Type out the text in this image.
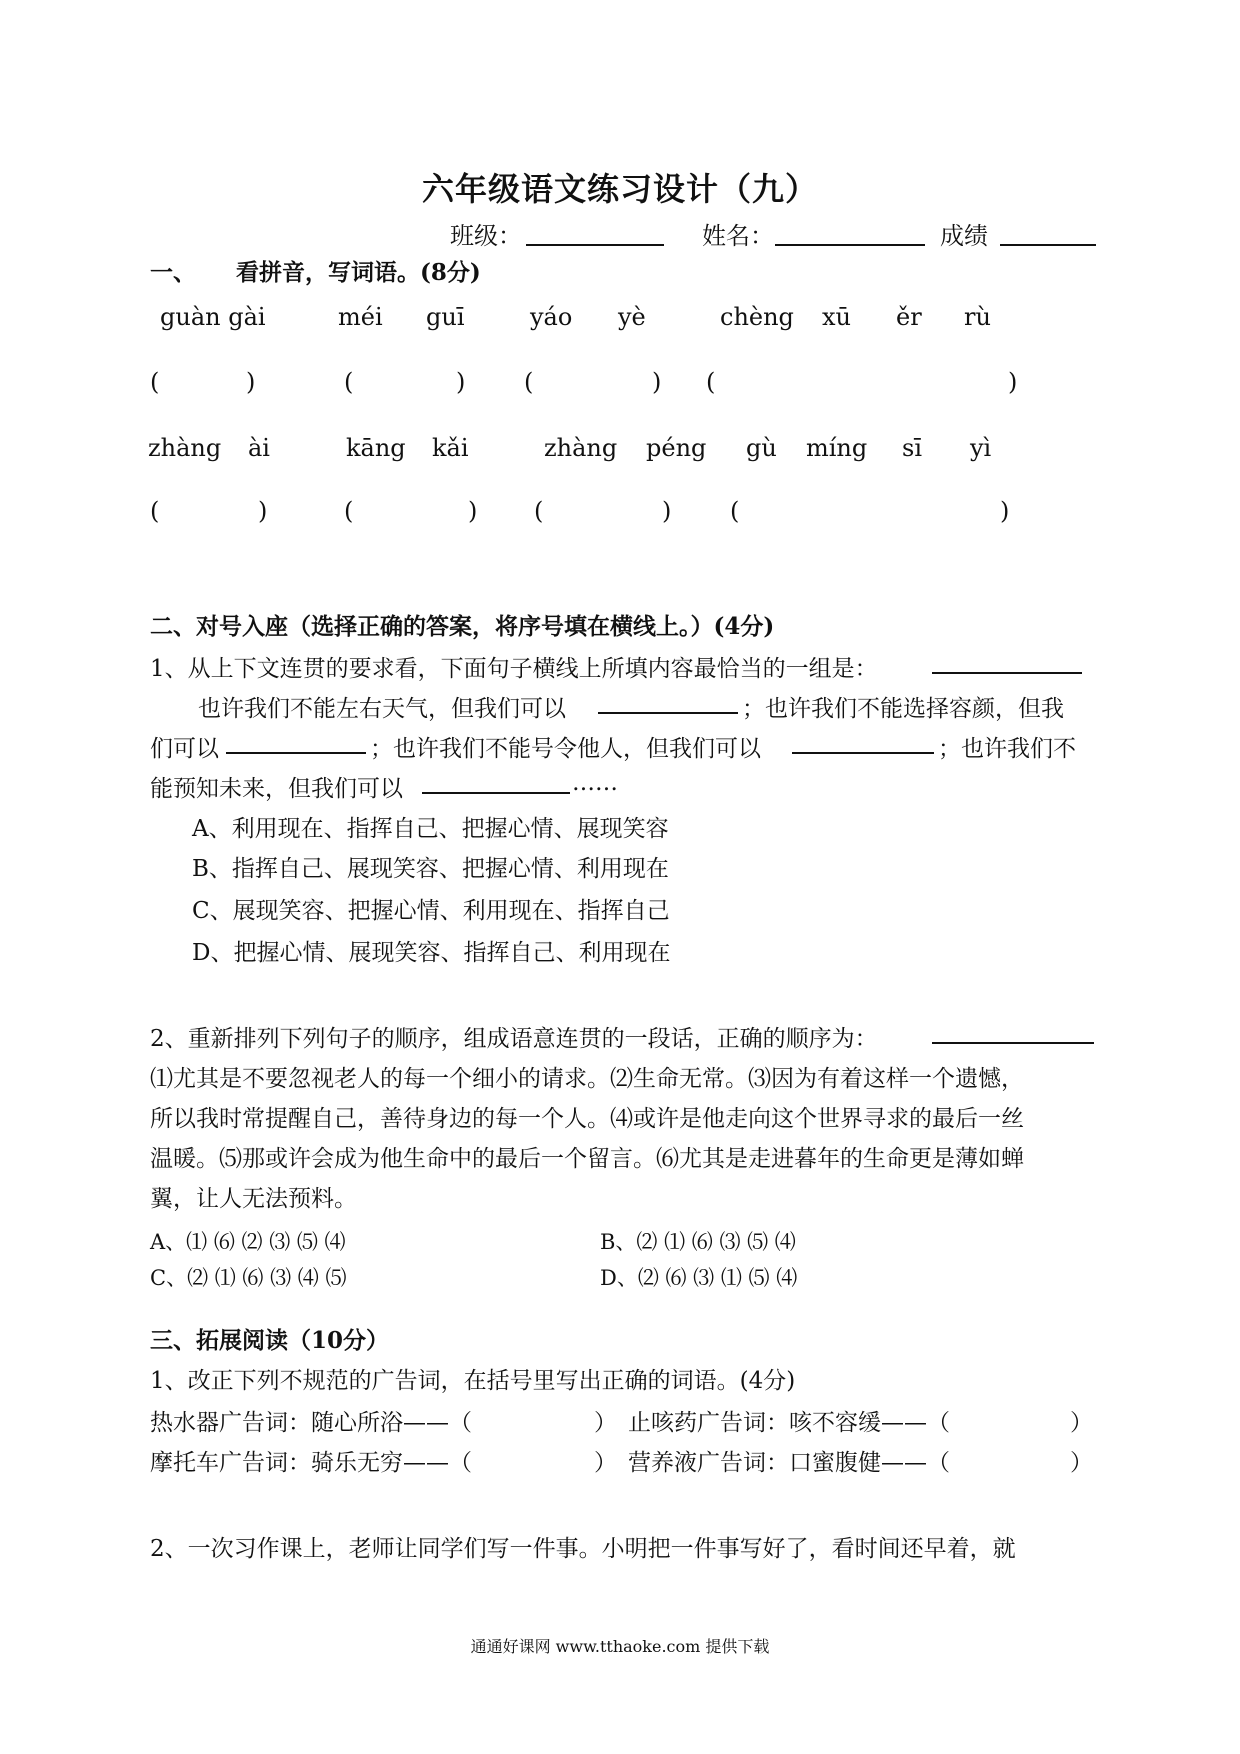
六年级语文练习设计（九）
班级：	姓名：	成绩
一、 看拼音，写词语。(8分)
guàn gài	méi guī	yáo yè	chèng xū ěr rù
(	)	(	) (	) (	)
zhàng ài	kāng kǎi	zhàng péng gù míng sī yì
(	)	(	) (	) (	)
二、对号入座（选择正确的答案，将序号填在横线上。）(4分)
1、从上下文连贯的要求看，下面句子横线上所填内容最恰当的一组是：
也许我们不能左右天气，但我们可以	；也许我们不能选择容颜，但我
们可以	；也许我们不能号令他人，但我们可以	；也许我们不
能预知未来，但我们可以	……
A、利用现在、指挥自己、把握心情、展现笑容
B、指挥自己、展现笑容、把握心情、利用现在
C、展现笑容、把握心情、利用现在、指挥自己
D、把握心情、展现笑容、指挥自己、利用现在
2、重新排列下列句子的顺序，组成语意连贯的一段话，正确的顺序为：
⑴尤其是不要忽视老人的每一个细小的请求。⑵生命无常。⑶因为有着这样一个遗憾，
所以我时常提醒自己，善待身边的每一个人。⑷或许是他走向这个世界寻求的最后一丝
温暖。⑸那或许会成为他生命中的最后一个留言。⑹尤其是走进暮年的生命更是薄如蝉
翼，让人无法预料。
A、⑴ ⑹ ⑵ ⑶ ⑸ ⑷	B、⑵ ⑴ ⑹ ⑶ ⑸ ⑷
C、⑵ ⑴ ⑹ ⑶ ⑷ ⑸	D、⑵ ⑹ ⑶ ⑴ ⑸ ⑷
三、拓展阅读（10分）
1、改正下列不规范的广告词，在括号里写出正确的词语。(4分)
热水器广告词：随心所浴——（	） 止咳药广告词：咳不容缓——（	）
摩托车广告词：骑乐无穷——（	） 营养液广告词：口蜜腹健——（	）
2、一次习作课上，老师让同学们写一件事。小明把一件事写好了，看时间还早着，就
通通好课网 www.tthaoke.com 提供下载
